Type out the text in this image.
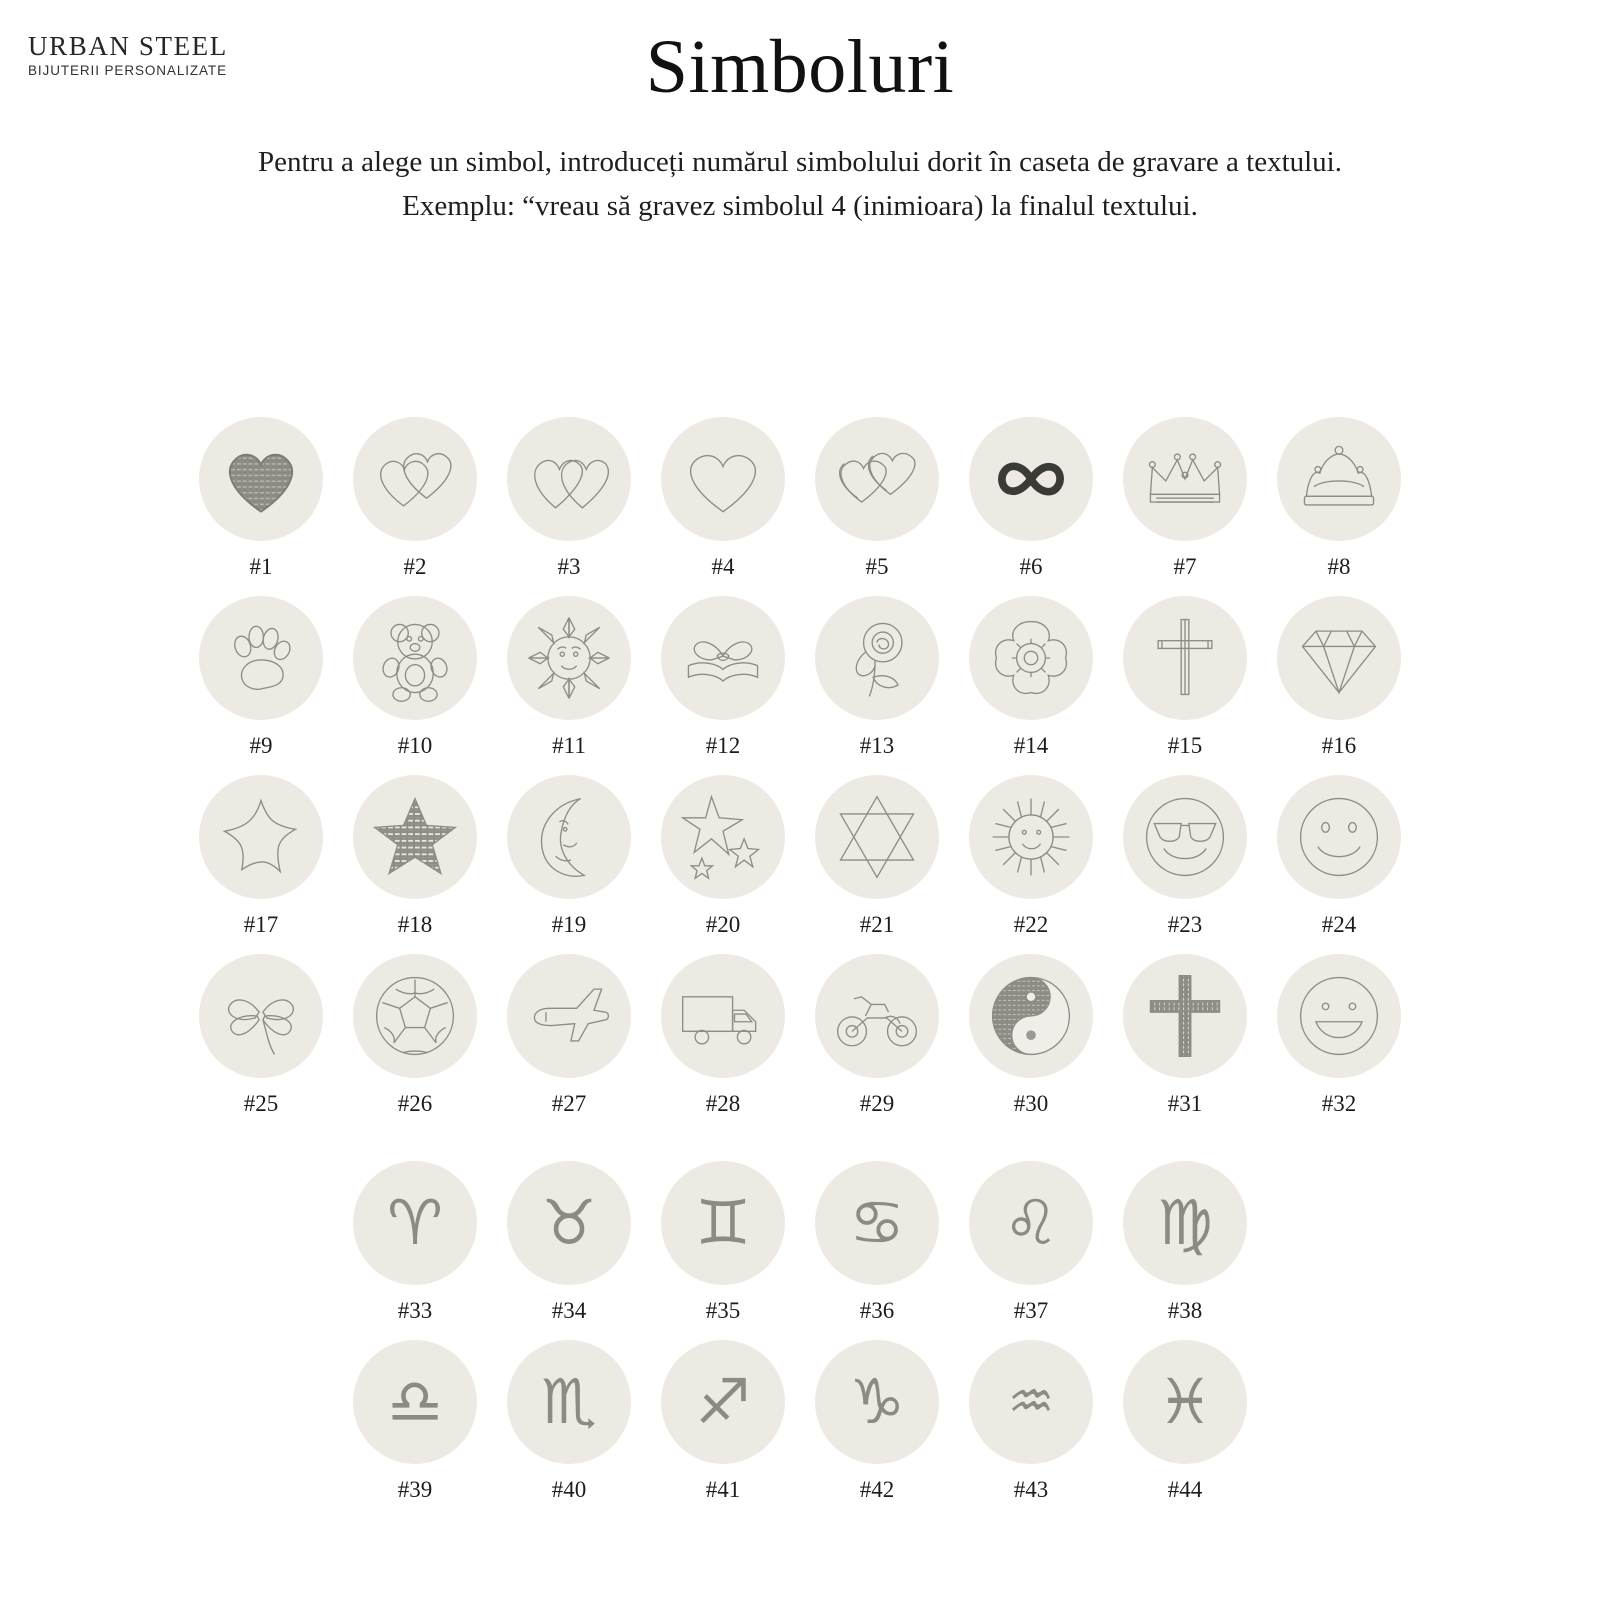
URBAN STEEL
BIJUTERII PERSONALIZATE	Simboluri
Pentru a alege un simbol, introduceți numărul simbolului dorit în caseta de gravare a textului. Exemplu: “vreau să gravez simbolul 4 (inimioara) la finalul textului.
#1	#2	#3	#4	#5	#6	#7	#8
#9	#10	#11	#12	#13	#14	#15	#16
#17	#18	#19	#20	#21	#22	#23	#24
#25	#26	#27	#28	#29	#30	#31	#32
♈
#33
♉
#34
♊
#35
♋
#36
♌
#37
♍
#38
♎
#39
♏
#40
♐
#41
♑
#42
♒
#43
♓
#44
